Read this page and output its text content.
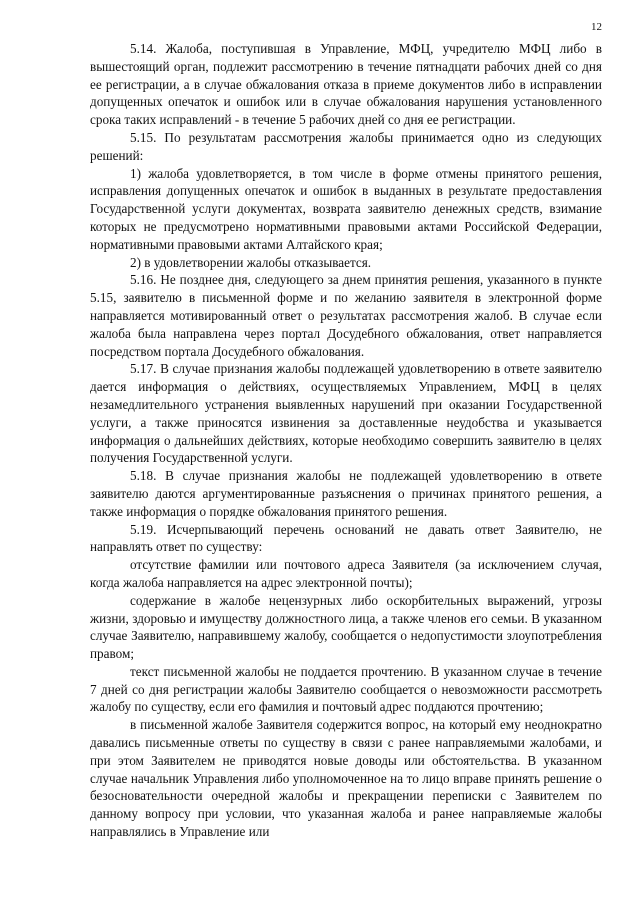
12

5.14. Жалоба, поступившая в Управление, МФЦ, учредителю МФЦ либо в вышестоящий орган, подлежит рассмотрению в течение пятнадцати рабочих дней со дня ее регистрации, а в случае обжалования отказа в приеме документов либо в исправлении допущенных опечаток и ошибок или в случае обжалования нарушения установленного срока таких исправлений - в течение 5 рабочих дней со дня ее регистрации.

5.15. По результатам рассмотрения жалобы принимается одно из следующих решений:

1) жалоба удовлетворяется, в том числе в форме отмены принятого решения, исправления допущенных опечаток и ошибок в выданных в результате предоставления Государственной услуги документах, возврата заявителю денежных средств, взимание которых не предусмотрено нормативными правовыми актами Российской Федерации, нормативными правовыми актами Алтайского края;

2) в удовлетворении жалобы отказывается.

5.16. Не позднее дня, следующего за днем принятия решения, указанного в пункте 5.15, заявителю в письменной форме и по желанию заявителя в электронной форме направляется мотивированный ответ о результатах рассмотрения жалоб. В случае если жалоба была направлена через портал Досудебного обжалования, ответ направляется посредством портала Досудебного обжалования.

5.17. В случае признания жалобы подлежащей удовлетворению в ответе заявителю дается информация о действиях, осуществляемых Управлением, МФЦ в целях незамедлительного устранения выявленных нарушений при оказании Государственной услуги, а также приносятся извинения за доставленные неудобства и указывается информация о дальнейших действиях, которые необходимо совершить заявителю в целях получения Государственной услуги.

5.18. В случае признания жалобы не подлежащей удовлетворению в ответе заявителю даются аргументированные разъяснения о причинах принятого решения, а также информация о порядке обжалования принятого решения.

5.19. Исчерпывающий перечень оснований не давать ответ Заявителю, не направлять ответ по существу:

отсутствие фамилии или почтового адреса Заявителя (за исключением случая, когда жалоба направляется на адрес электронной почты);

содержание в жалобе нецензурных либо оскорбительных выражений, угрозы жизни, здоровью и имуществу должностного лица, а также членов его семьи. В указанном случае Заявителю, направившему жалобу, сообщается о недопустимости злоупотребления правом;

текст письменной жалобы не поддается прочтению. В указанном случае в течение 7 дней со дня регистрации жалобы Заявителю сообщается о невозможности рассмотреть жалобу по существу, если его фамилия и почтовый адрес поддаются прочтению;

в письменной жалобе Заявителя содержится вопрос, на который ему неоднократно давались письменные ответы по существу в связи с ранее направляемыми жалобами, и при этом Заявителем не приводятся новые доводы или обстоятельства. В указанном случае начальник Управления либо уполномоченное на то лицо вправе принять решение о безосновательности очередной жалобы и прекращении переписки с Заявителем по данному вопросу при условии, что указанная жалоба и ранее направляемые жалобы направлялись в Управление или
